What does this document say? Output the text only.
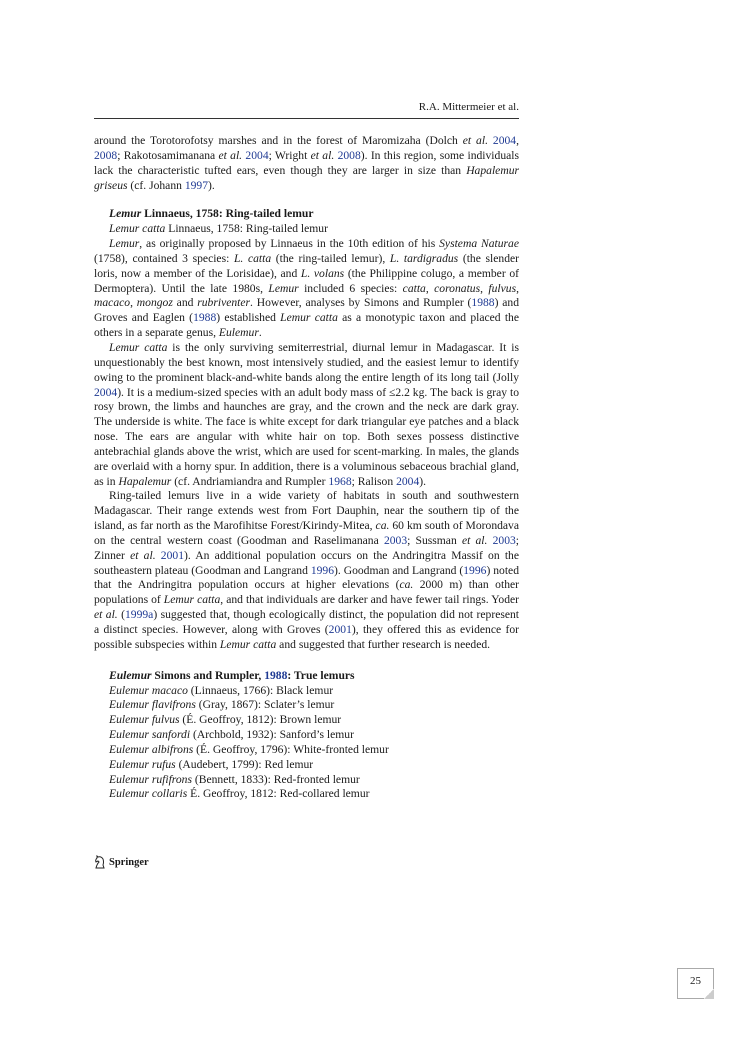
R.A. Mittermeier et al.

around the Torotorofotsy marshes and in the forest of Maromizaha (Dolch et al. 2004, 2008; Rakotosamimanana et al. 2004; Wright et al. 2008). In this region, some individuals lack the characteristic tufted ears, even though they are larger in size than Hapalemur griseus (cf. Johann 1997).

Lemur Linnaeus, 1758: Ring-tailed lemur
Lemur catta Linnaeus, 1758: Ring-tailed lemur

Lemur, as originally proposed by Linnaeus in the 10th edition of his Systema Naturae (1758), contained 3 species: L. catta (the ring-tailed lemur), L. tardigradus (the slender loris, now a member of the Lorisidae), and L. volans (the Philippine colugo, a member of Dermoptera). Until the late 1980s, Lemur included 6 species: catta, coronatus, fulvus, macaco, mongoz and rubriventer. However, analyses by Simons and Rumpler (1988) and Groves and Eaglen (1988) established Lemur catta as a monotypic taxon and placed the others in a separate genus, Eulemur.

Lemur catta is the only surviving semiterrestrial, diurnal lemur in Madagascar. It is unquestionably the best known, most intensively studied, and the easiest lemur to identify owing to the prominent black-and-white bands along the entire length of its long tail (Jolly 2004). It is a medium-sized species with an adult body mass of ≤2.2 kg. The back is gray to rosy brown, the limbs and haunches are gray, and the crown and the neck are dark gray. The underside is white. The face is white except for dark triangular eye patches and a black nose. The ears are angular with white hair on top. Both sexes possess distinctive antebrachial glands above the wrist, which are used for scent-marking. In males, the glands are overlaid with a horny spur. In addition, there is a voluminous sebaceous brachial gland, as in Hapalemur (cf. Andriamiandra and Rumpler 1968; Ralison 2004).

Ring-tailed lemurs live in a wide variety of habitats in south and southwestern Madagascar. Their range extends west from Fort Dauphin, near the southern tip of the island, as far north as the Marofihitse Forest/Kirindy-Mitea, ca. 60 km south of Morondava on the central western coast (Goodman and Raselimanana 2003; Sussman et al. 2003; Zinner et al. 2001). An additional population occurs on the Andringitra Massif on the southeastern plateau (Goodman and Langrand 1996). Goodman and Langrand (1996) noted that the Andringitra population occurs at higher elevations (ca. 2000 m) than other populations of Lemur catta, and that individuals are darker and have fewer tail rings. Yoder et al. (1999a) suggested that, though ecologically distinct, the population did not represent a distinct species. However, along with Groves (2001), they offered this as evidence for possible subspecies within Lemur catta and suggested that further research is needed.

Eulemur Simons and Rumpler, 1988: True lemurs
Eulemur macaco (Linnaeus, 1766): Black lemur
Eulemur flavifrons (Gray, 1867): Sclater’s lemur
Eulemur fulvus (É. Geoffroy, 1812): Brown lemur
Eulemur sanfordi (Archbold, 1932): Sanford’s lemur
Eulemur albifrons (É. Geoffroy, 1796): White-fronted lemur
Eulemur rufus (Audebert, 1799): Red lemur
Eulemur rufifrons (Bennett, 1833): Red-fronted lemur
Eulemur collaris É. Geoffroy, 1812: Red-collared lemur
Springer
25
